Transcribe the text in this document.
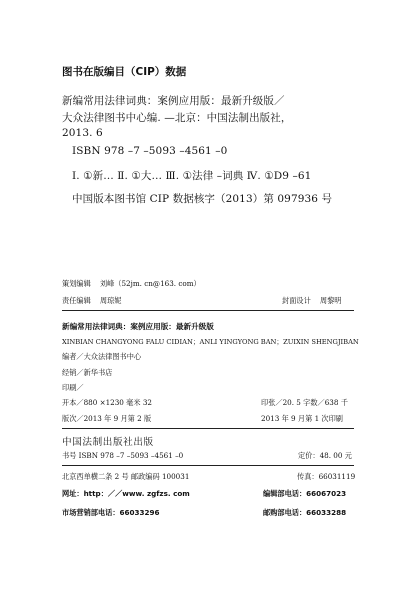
图书在版编目（CIP）数据
新编常用法律词典：案例应用版：最新升级版／
大众法律图书中心编. —北京：中国法制出版社，
2013. 6
ISBN 978 –7 –5093 –4561 –0
Ⅰ. ①新… Ⅱ. ①大… Ⅲ. ①法律 –词典 Ⅳ. ①D9 –61
中国版本图书馆 CIP 数据核字（2013）第 097936 号
策划编辑 刘峰（52jm. cn@163. com）
责任编辑 周琼妮	封面设计 周黎明
新编常用法律词典：案例应用版：最新升级版
XINBIAN CHANGYONG FALU CIDIAN；ANLI YINGYONG BAN；ZUIXIN SHENGJIBAN
编者／大众法律图书中心
经销／新华书店
印刷／
开本／880 ×1230 毫米 32	印张／20. 5 字数／638 千
版次／2013 年 9 月第 2 版	2013 年 9 月第 1 次印刷
中国法制出版社出版
书号 ISBN 978 –7 –5093 –4561 –0	定价：48. 00 元
北京西单横二条 2 号 邮政编码 100031	传真：66031119
网址：http：／／www. zgfzs. com	编辑部电话：66067023
市场营销部电话：66033296	邮购部电话：66033288
